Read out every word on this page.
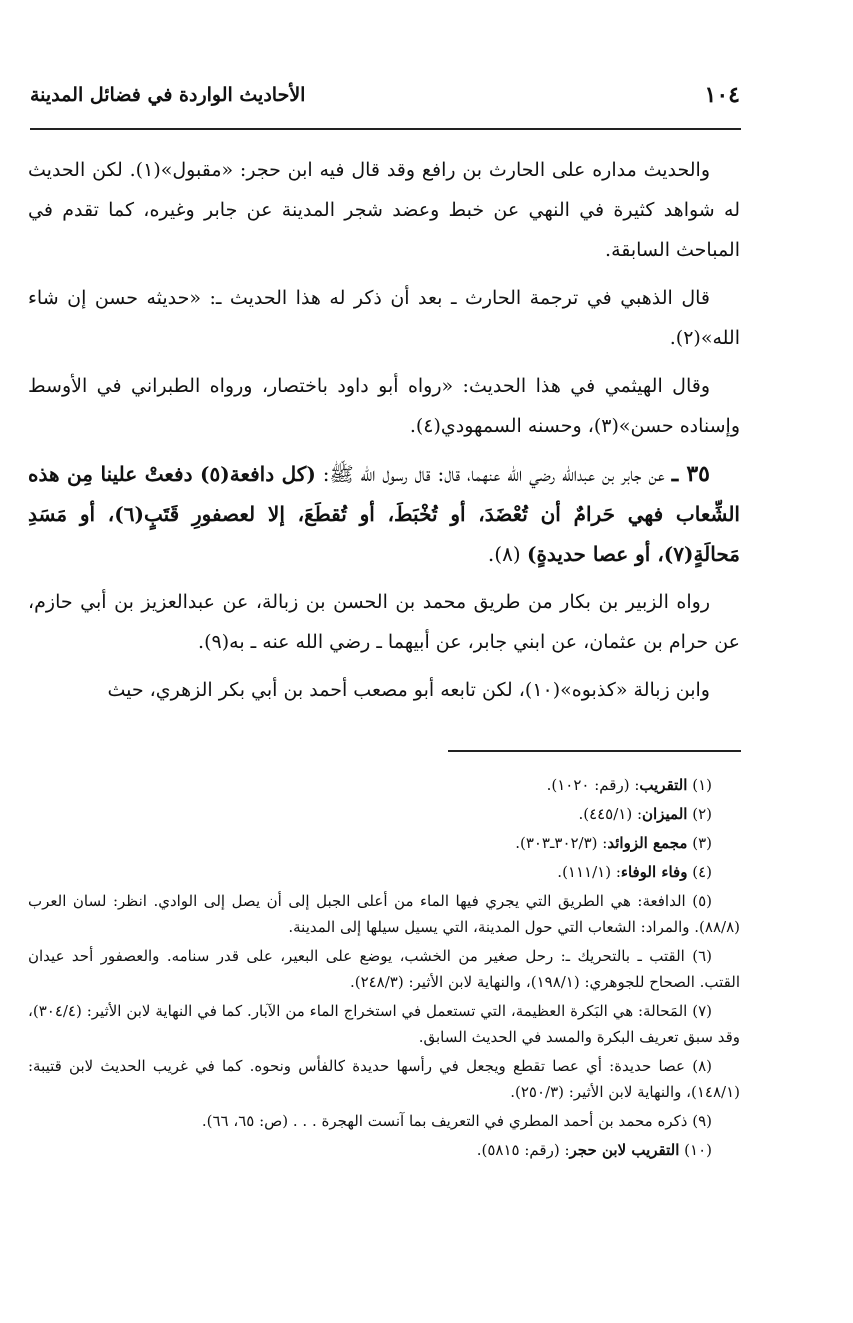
١٠٤
الأحاديث الواردة في فضائل المدينة

والحديث مداره على الحارث بن رافع وقد قال فيه ابن حجر: «مقبول»(١). لكن الحديث له شواهد كثيرة في النهي عن خبط وعضد شجر المدينة عن جابر وغيره، كما تقدم في المباحث السابقة.

قال الذهبي في ترجمة الحارث ـ بعد أن ذكر له هذا الحديث ـ: «حديثه حسن إن شاء الله»(٢).

وقال الهيثمي في هذا الحديث: «رواه أبو داود باختصار، ورواه الطبراني في الأوسط وإسناده حسن»(٣)، وحسنه السمهودي(٤).

٣٥ ـ عن جابر بن عبدالله رضي الله عنهما، قال: قال رسول الله ﷺ: (كل دافعة(٥) دفعتْ علينا مِن هذه الشِّعاب فهي حَرامٌ أن تُعْضَدَ، أو تُخْبَطَ، أو تُقطَعَ، إلا لعصفورِ قَتَبٍ(٦)، أو مَسَدِ مَحالَةٍ(٧)، أو عصا حديدةٍ) (٨).

رواه الزبير بن بكار من طريق محمد بن الحسن بن زبالة، عن عبدالعزيز بن أبي حازم، عن حرام بن عثمان، عن ابني جابر، عن أبيهما ـ رضي الله عنه ـ به(٩).

وابن زبالة «كذبوه»(١٠)، لكن تابعه أبو مصعب أحمد بن أبي بكر الزهري، حيث

(١) التقريب: (رقم: ١٠٢٠).

(٢) الميزان: (٤٤٥/١).

(٣) مجمع الزوائد: (٣٠٢/٣ـ٣٠٣).

(٤) وفاء الوفاء: (١١١/١).

(٥) الدافعة: هي الطريق التي يجري فيها الماء من أعلى الجبل إلى أن يصل إلى الوادي. انظر: لسان العرب (٨٨/٨). والمراد: الشعاب التي حول المدينة، التي يسيل سيلها إلى المدينة.

(٦) القتب ـ بالتحريك ـ: رحل صغير من الخشب، يوضع على البعير، على قدر سنامه. والعصفور أحد عيدان القتب. الصحاح للجوهري: (١٩٨/١)، والنهاية لابن الأثير: (٢٤٨/٣).

(٧) المَحالة: هي البَكرة العظيمة، التي تستعمل في استخراج الماء من الآبار. كما في النهاية لابن الأثير: (٣٠٤/٤)، وقد سبق تعريف البكرة والمسد في الحديث السابق.

(٨) عصا حديدة: أي عصا تقطع ويجعل في رأسها حديدة كالفأس ونحوه. كما في غريب الحديث لابن قتيبة: (١٤٨/١)، والنهاية لابن الأثير: (٢٥٠/٣).

(٩) ذكره محمد بن أحمد المطري في التعريف بما آنست الهجرة . . . (ص: ٦٥، ٦٦).

(١٠) التقريب لابن حجر: (رقم: ٥٨١٥).
